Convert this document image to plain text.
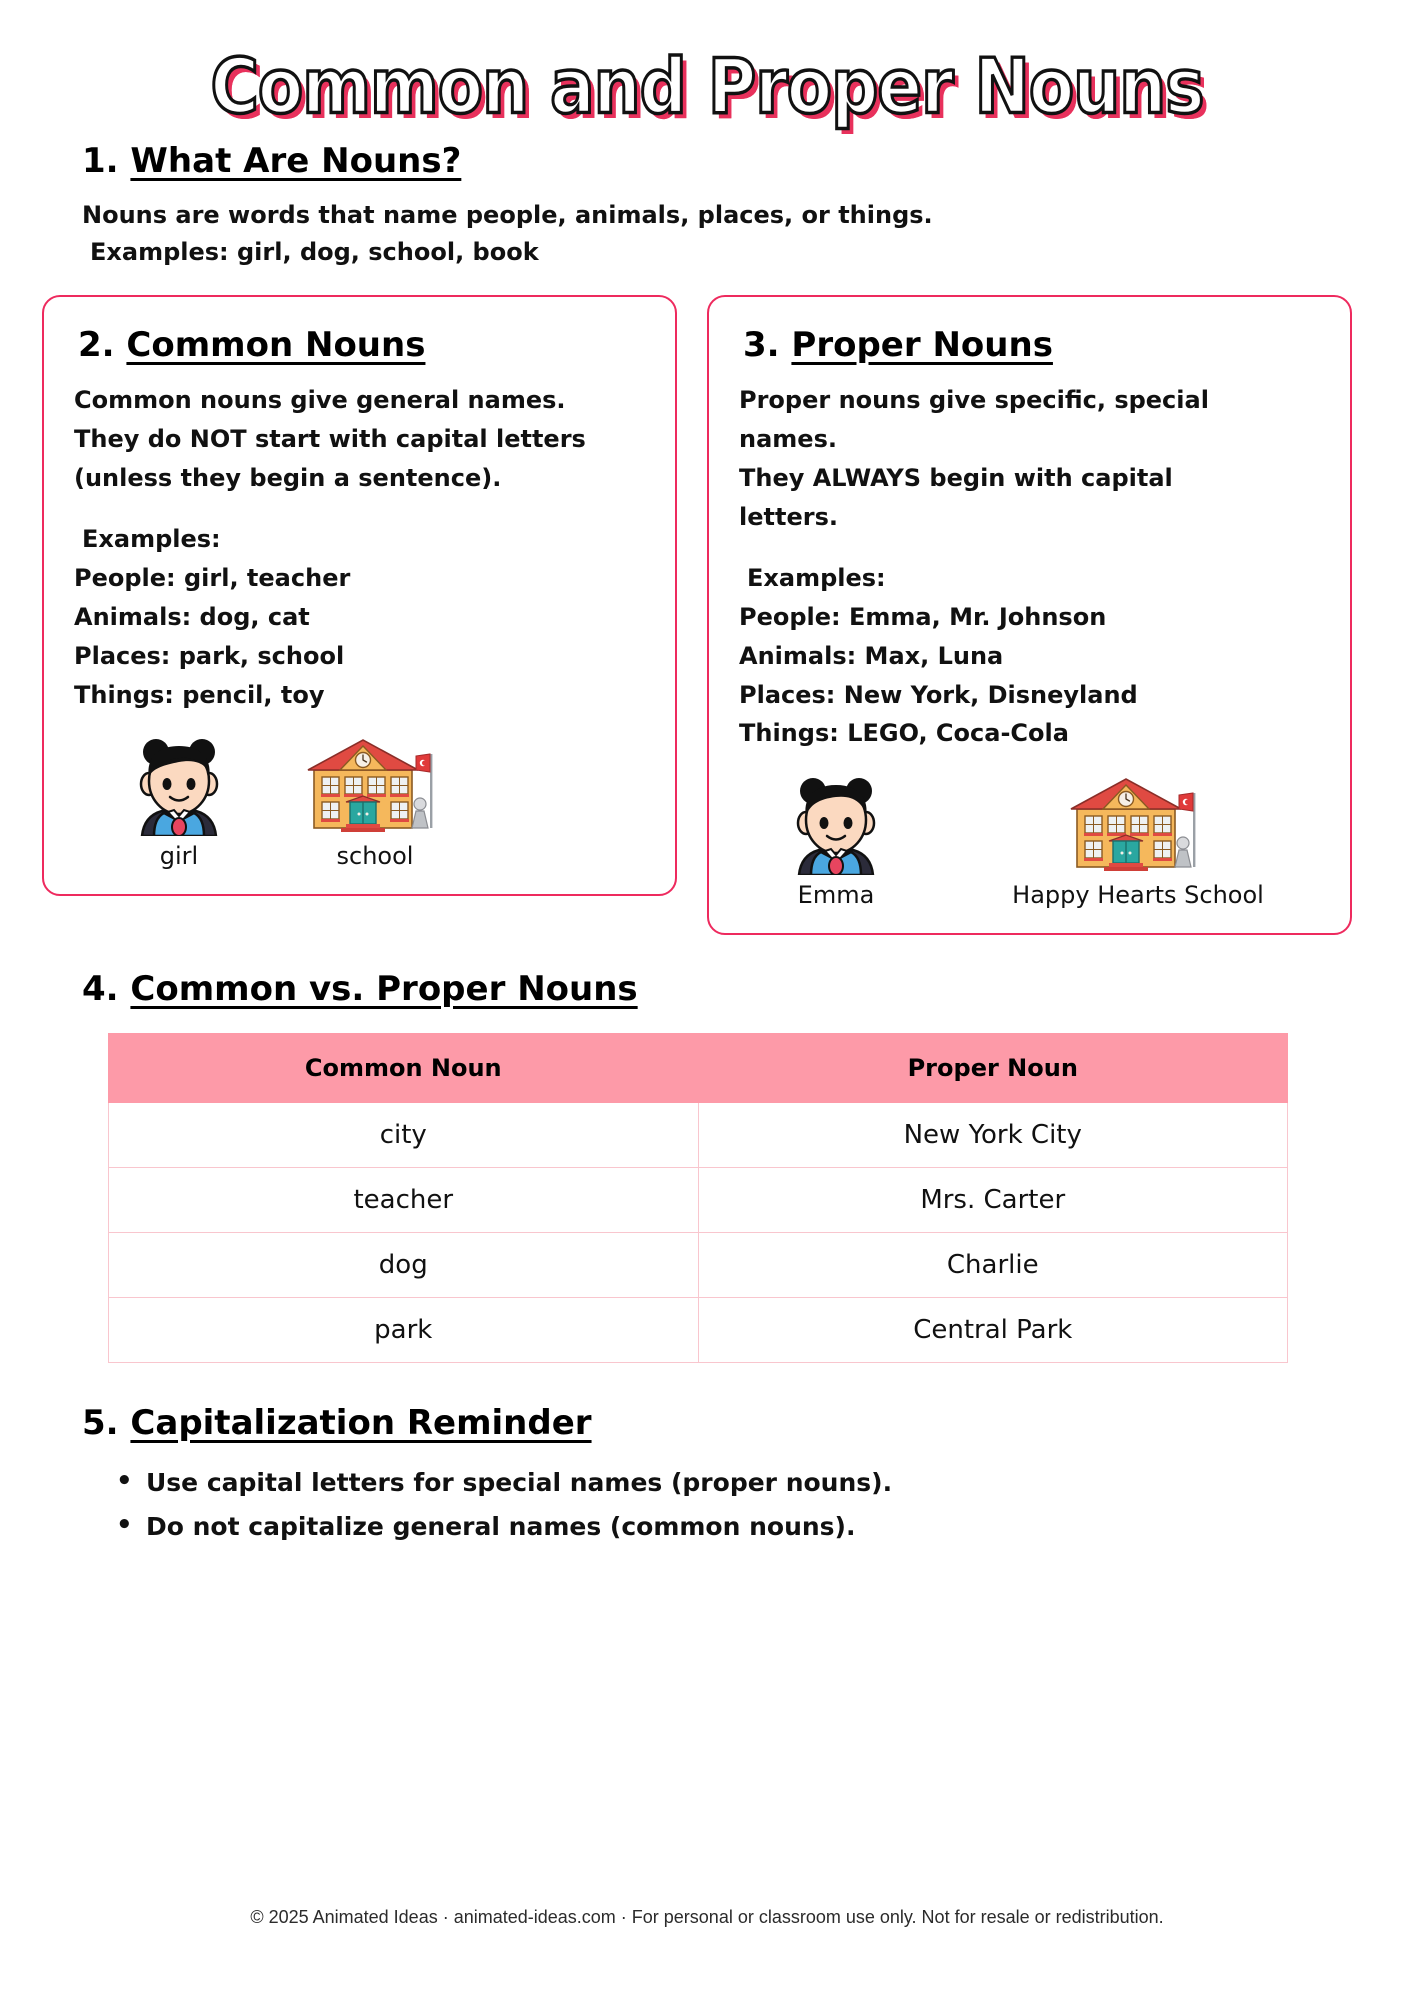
Common and Proper Nouns
1. What Are Nouns?
Nouns are words that name people, animals, places, or things.
Examples: girl, dog, school, book
2. Common Nouns
Common nouns give general names.
They do NOT start with capital letters
(unless they begin a sentence).
Examples:
People: girl, teacher
Animals: dog, cat
Places: park, school
Things: pencil, toy
girl	school
3. Proper Nouns
Proper nouns give specific, special
names.
They ALWAYS begin with capital
letters.
Examples:
People: Emma, Mr. Johnson
Animals: Max, Luna
Places: New York, Disneyland
Things: LEGO, Coca-Cola
Emma	Happy Hearts School
4. Common vs. Proper Nouns
Common Noun	Proper Noun
city	New York City
teacher	Mrs. Carter
dog	Charlie
park	Central Park
5. Capitalization Reminder
• Use capital letters for special names (proper nouns).
• Do not capitalize general names (common nouns).
© 2025 Animated Ideas · animated-ideas.com · For personal or classroom use only. Not for resale or redistribution.
